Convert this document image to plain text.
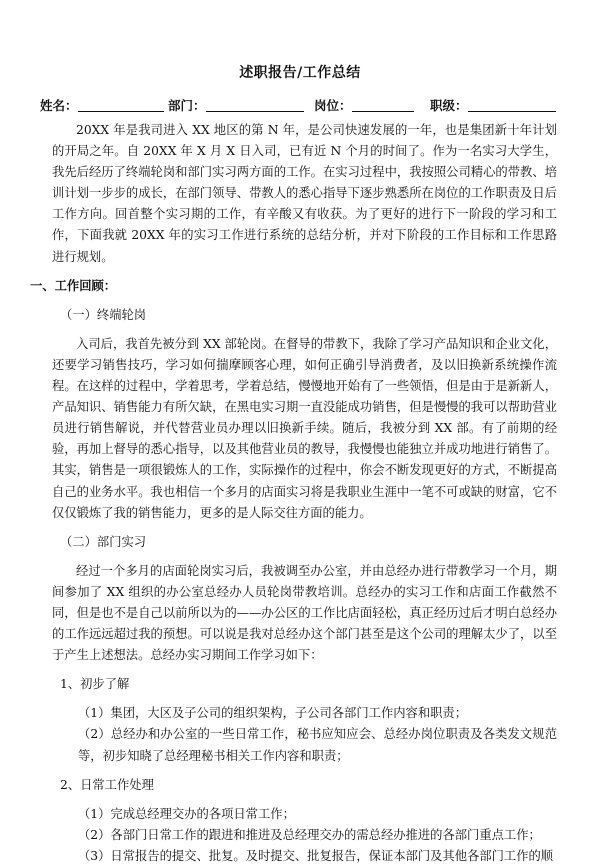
述职报告/工作总结
姓名：	部门：	岗位：	职级：

20XX 年是我司进入 XX 地区的第 N 年，是公司快速发展的一年，也是集团新十年计划的开局之年。自 20XX 年 X 月 X 日入司，已有近 N 个月的时间了。作为一名实习大学生，我先后经历了终端轮岗和部门实习两方面的工作。在实习过程中，我按照公司精心的带教、培训计划一步步的成长，在部门领导、带教人的悉心指导下逐步熟悉所在岗位的工作职责及日后工作方向。回首整个实习期的工作，有辛酸又有收获。为了更好的进行下一阶段的学习和工作，下面我就 20XX 年的实习工作进行系统的总结分析，并对下阶段的工作目标和工作思路进行规划。

一、工作回顾：

（一）终端轮岗

入司后，我首先被分到 XX 部轮岗。在督导的带教下，我除了学习产品知识和企业文化，还要学习销售技巧，学习如何揣摩顾客心理，如何正确引导消费者，及以旧换新系统操作流程。在这样的过程中，学着思考，学着总结，慢慢地开始有了一些领悟，但是由于是新新人，产品知识、销售能力有所欠缺，在黑电实习期一直没能成功销售，但是慢慢的我可以帮助营业员进行销售解说，并代替营业员办理以旧换新手续。随后，我被分到 XX 部。有了前期的经验，再加上督导的悉心指导，以及其他营业员的教导，我慢慢也能独立并成功地进行销售了。其实，销售是一项很锻炼人的工作，实际操作的过程中，你会不断发现更好的方式，不断提高自己的业务水平。我也相信一个多月的店面实习将是我职业生涯中一笔不可或缺的财富，它不仅仅锻炼了我的销售能力，更多的是人际交往方面的能力。

（二）部门实习

经过一个多月的店面轮岗实习后，我被调至办公室，并由总经办进行带教学习一个月，期间参加了 XX 组织的办公室总经办人员轮岗带教培训。总经办的实习工作和店面工作截然不同，但是也不是自己以前所以为的——办公区的工作比店面轻松，真正经历过后才明白总经办的工作远远超过我的预想。可以说是我对总经办这个部门甚至是这个公司的理解太少了，以至于产生上述想法。总经办实习期间工作学习如下：

1、初步了解

（1）集团，大区及子公司的组织架构，子公司各部门工作内容和职责；

（2）总经办和办公室的一些日常工作，秘书应知应会、总经办岗位职责及各类发文规范等，初步知晓了总经理秘书相关工作内容和职责；

2、日常工作处理

（1）完成总经理交办的各项日常工作；

（2）各部门日常工作的跟进和推进及总经理交办的需总经办推进的各部门重点工作；

（3）日常报告的提交、批复。及时提交、批复报告，保证本部门及其他各部门工作的顺
